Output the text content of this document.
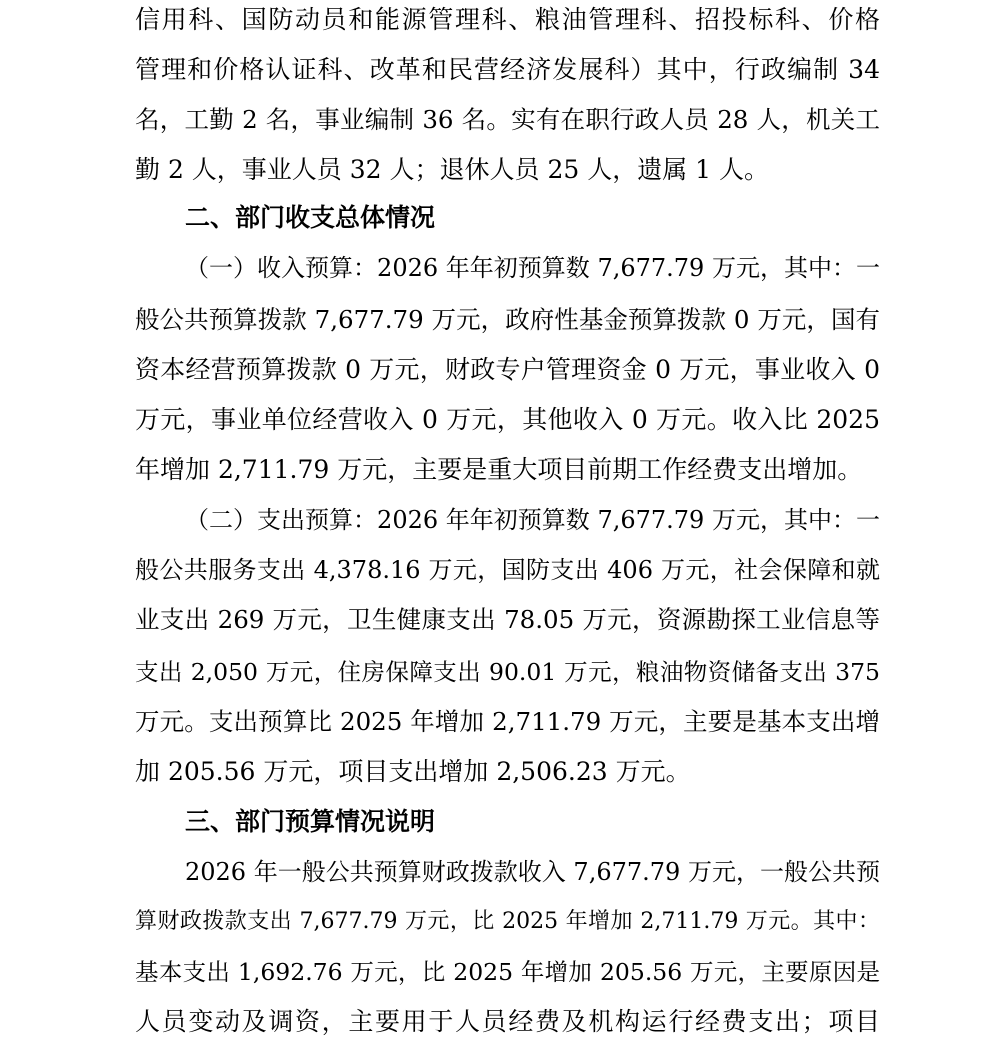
信用科、国防动员和能源管理科、粮油管理科、招投标科、价格
管理和价格认证科、改革和民营经济发展科）其中，行政编制 34
名，工勤 2 名，事业编制 36 名。实有在职行政人员 28 人，机关工
勤 2 人，事业人员 32 人；退休人员 25 人，遗属 1 人。
二、部门收支总体情况
（一）收入预算：2026 年年初预算数 7,677.79 万元，其中：一
般公共预算拨款 7,677.79 万元，政府性基金预算拨款 0 万元，国有
资本经营预算拨款 0 万元，财政专户管理资金 0 万元，事业收入 0
万元，事业单位经营收入 0 万元，其他收入 0 万元。收入比 2025
年增加 2,711.79 万元，主要是重大项目前期工作经费支出增加。
（二）支出预算：2026 年年初预算数 7,677.79 万元，其中：一
般公共服务支出 4,378.16 万元，国防支出 406 万元，社会保障和就
业支出 269 万元，卫生健康支出 78.05 万元，资源勘探工业信息等
支出 2,050 万元，住房保障支出 90.01 万元，粮油物资储备支出 375
万元。支出预算比 2025 年增加 2,711.79 万元，主要是基本支出增
加 205.56 万元，项目支出增加 2,506.23 万元。
三、部门预算情况说明
2026 年一般公共预算财政拨款收入 7,677.79 万元，一般公共预
算财政拨款支出 7,677.79 万元，比 2025 年增加 2,711.79 万元。其中：
基本支出 1,692.76 万元，比 2025 年增加 205.56 万元，主要原因是
人员变动及调资，主要用于人员经费及机构运行经费支出；项目
